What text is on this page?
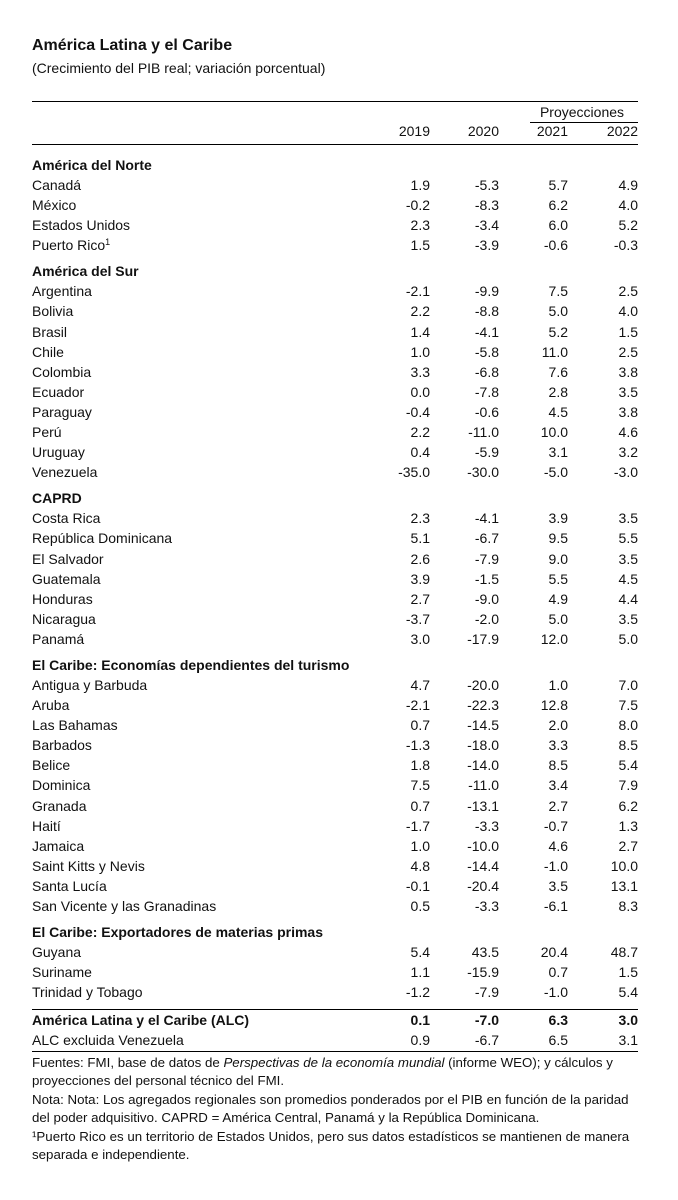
América Latina y el Caribe
(Crecimiento del PIB real; variación porcentual)
Proyecciones
2019	2020	2021	2022
América del Norte
Canadá	1.9	-5.3	5.7	4.9
México	-0.2	-8.3	6.2	4.0
Estados Unidos	2.3	-3.4	6.0	5.2
Puerto Rico$^1$	1.5	-3.9	-0.6	-0.3
América del Sur
Argentina	-2.1	-9.9	7.5	2.5
Bolivia	2.2	-8.8	5.0	4.0
Brasil	1.4	-4.1	5.2	1.5
Chile	1.0	-5.8	11.0	2.5
Colombia	3.3	-6.8	7.6	3.8
Ecuador	0.0	-7.8	2.8	3.5
Paraguay	-0.4	-0.6	4.5	3.8
Perú	2.2	-11.0	10.0	4.6
Uruguay	0.4	-5.9	3.1	3.2
Venezuela	-35.0	-30.0	-5.0	-3.0
CAPRD
Costa Rica	2.3	-4.1	3.9	3.5
República Dominicana	5.1	-6.7	9.5	5.5
El Salvador	2.6	-7.9	9.0	3.5
Guatemala	3.9	-1.5	5.5	4.5
Honduras	2.7	-9.0	4.9	4.4
Nicaragua	-3.7	-2.0	5.0	3.5
Panamá	3.0	-17.9	12.0	5.0
El Caribe: Economías dependientes del turismo
Antigua y Barbuda	4.7	-20.0	1.0	7.0
Aruba	-2.1	-22.3	12.8	7.5
Las Bahamas	0.7	-14.5	2.0	8.0
Barbados	-1.3	-18.0	3.3	8.5
Belice	1.8	-14.0	8.5	5.4
Dominica	7.5	-11.0	3.4	7.9
Granada	0.7	-13.1	2.7	6.2
Haití	-1.7	-3.3	-0.7	1.3
Jamaica	1.0	-10.0	4.6	2.7
Saint Kitts y Nevis	4.8	-14.4	-1.0	10.0
Santa Lucía	-0.1	-20.4	3.5	13.1
San Vicente y las Granadinas	0.5	-3.3	-6.1	8.3
El Caribe: Exportadores de materias primas
Guyana	5.4	43.5	20.4	48.7
Suriname	1.1	-15.9	0.7	1.5
Trinidad y Tobago	-1.2	-7.9	-1.0	5.4
América Latina y el Caribe (ALC)	0.1	-7.0	6.3	3.0
ALC excluida Venezuela	0.9	-6.7	6.5	3.1

Fuentes: FMI, base de datos de Perspectivas de la economía mundial (informe WEO); y cálculos y proyecciones del personal técnico del FMI.

Nota: Nota: Los agregados regionales son promedios ponderados por el PIB en función de la paridad del poder adquisitivo. CAPRD = América Central, Panamá y la República Dominicana.

¹Puerto Rico es un territorio de Estados Unidos, pero sus datos estadísticos se mantienen de manera separada e independiente.
